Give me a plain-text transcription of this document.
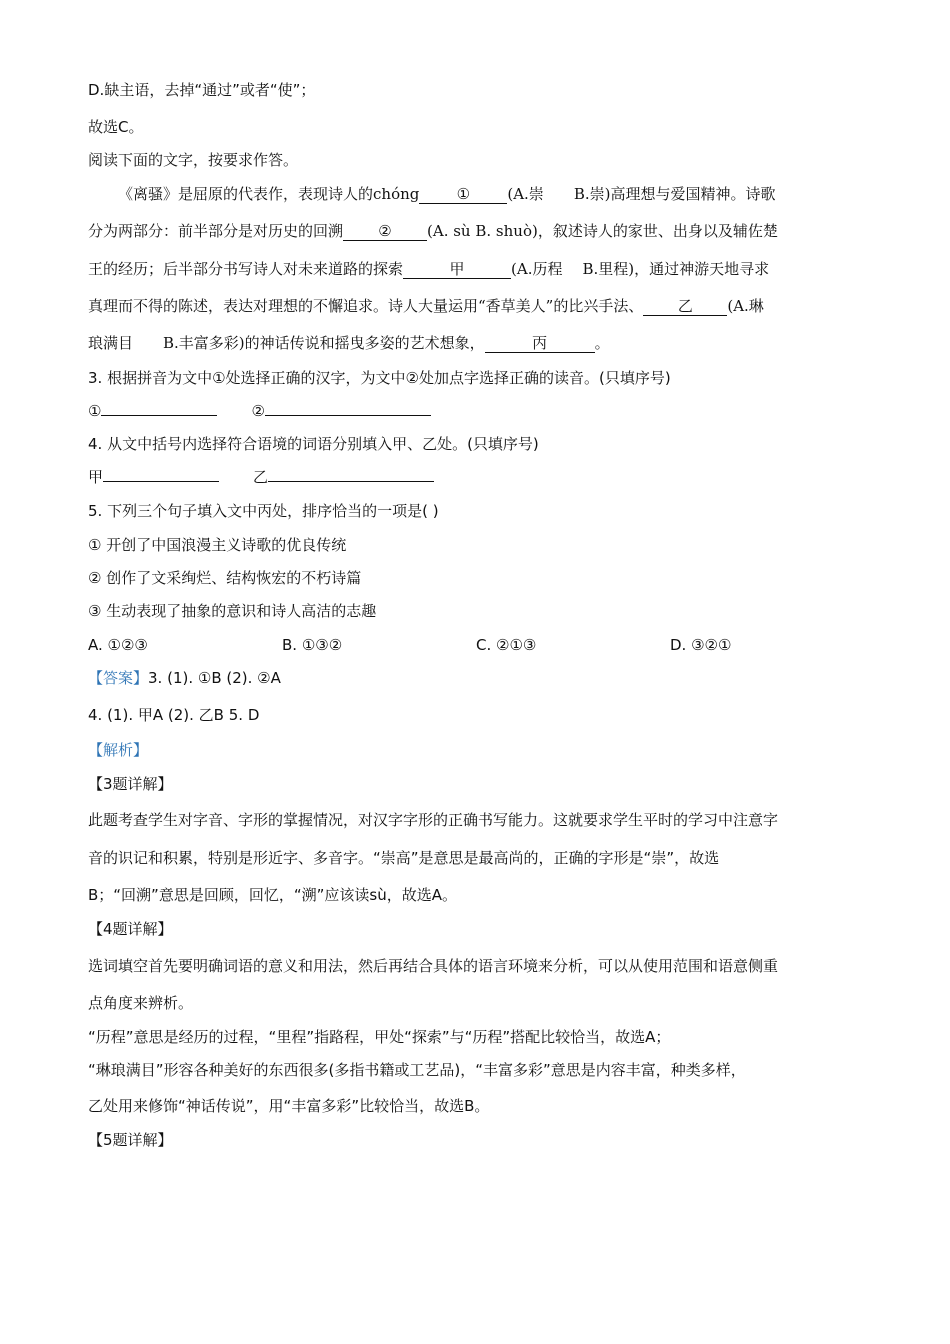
D.缺主语，去掉“通过”或者“使”；
故选C。
阅读下面的文字，按要求作答。
《离骚》是屈原的代表作，表现诗人的chóng ① (A.崇 B.崇)高理想与爱国精神。诗歌
分为两部分：前半部分是对历史的回溯 ② (A. sù B. shuò)，叙述诗人的家世、出身以及辅佐楚
王的经历；后半部分书写诗人对未来道路的探索	甲	(A.历程 B.里程)，通过神游天地寻求
真理而不得的陈述，表达对理想的不懈追求。诗人大量运用“香草美人”的比兴手法、 乙 (A.琳
琅满目 B.丰富多彩)的神话传说和摇曳多姿的艺术想象，	丙	。
3. 根据拼音为文中①处选择正确的汉字，为文中②处加点字选择正确的读音。(只填序号)
①	②
4. 从文中括号内选择符合语境的词语分别填入甲、乙处。(只填序号)
甲	乙
5. 下列三个句子填入文中丙处，排序恰当的一项是( )
① 开创了中国浪漫主义诗歌的优良传统
② 创作了文采绚烂、结构恢宏的不朽诗篇
③ 生动表现了抽象的意识和诗人高洁的志趣
A. ①②③	B. ①③②	C. ②①③	D. ③②①
【答案】3. (1). ①B (2). ②A
4. (1). 甲A (2). 乙B 5. D
【解析】
【3题详解】
此题考查学生对字音、字形的掌握情况，对汉字字形的正确书写能力。这就要求学生平时的学习中注意字
音的识记和积累，特别是形近字、多音字。“崇高”是意思是最高尚的，正确的字形是“崇”，故选
B；“回溯”意思是回顾，回忆，“溯”应该读sù，故选A。
【4题详解】
选词填空首先要明确词语的意义和用法，然后再结合具体的语言环境来分析，可以从使用范围和语意侧重
点角度来辨析。
“历程”意思是经历的过程，“里程”指路程，甲处“探索”与“历程”搭配比较恰当，故选A；
“琳琅满目”形容各种美好的东西很多(多指书籍或工艺品)，“丰富多彩”意思是内容丰富，种类多样，
乙处用来修饰“神话传说”，用“丰富多彩”比较恰当，故选B。
【5题详解】
